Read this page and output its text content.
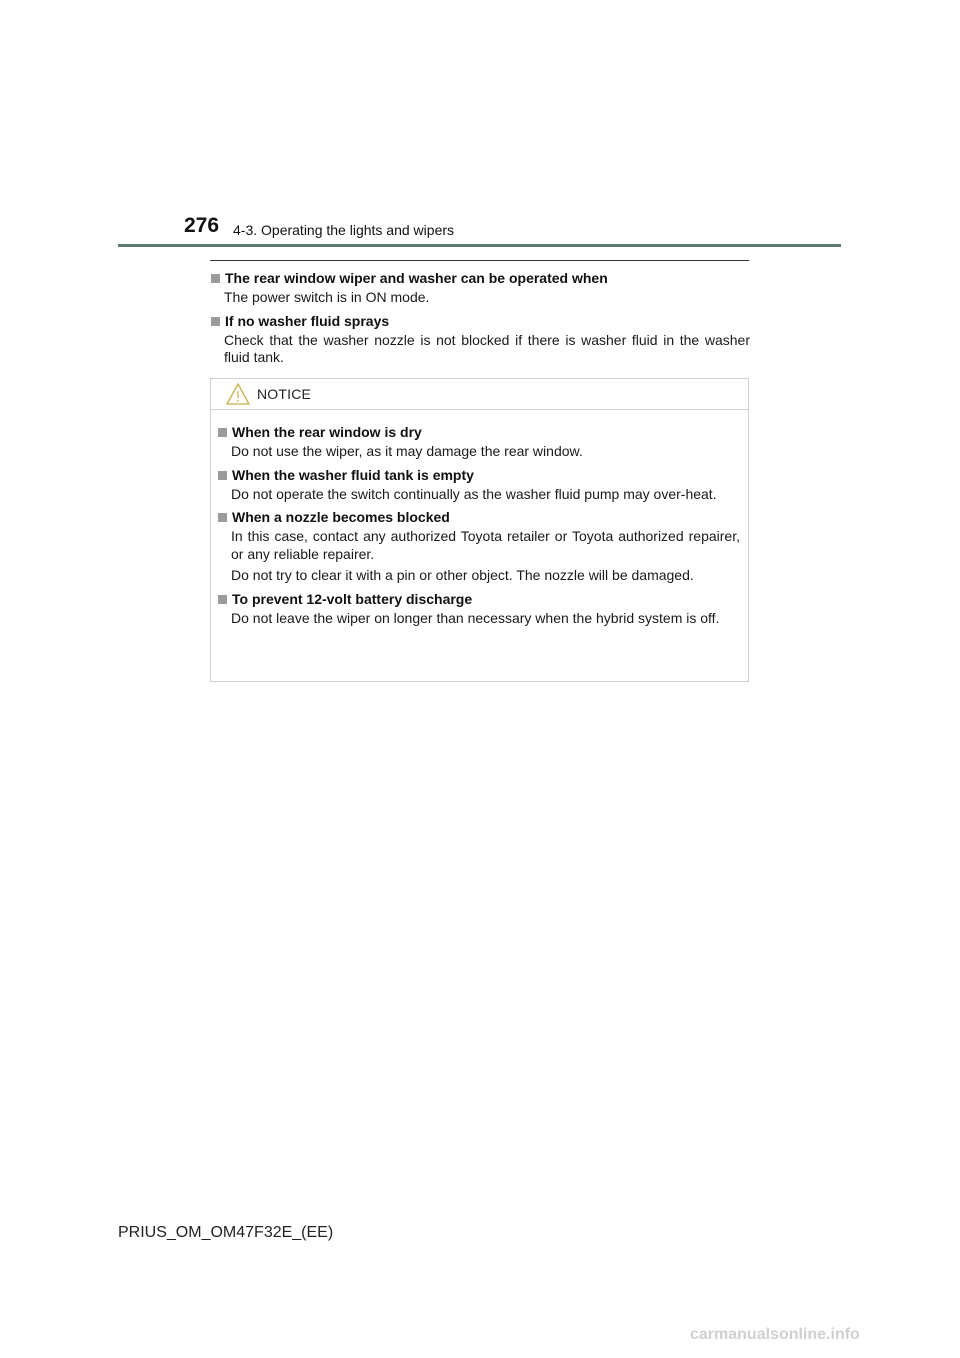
276 4-3. Operating the lights and wipers
The rear window wiper and washer can be operated when

The power switch is in ON mode.

If no washer fluid sprays

Check that the washer nozzle is not blocked if there is washer fluid in the washer fluid tank.

NOTICE
When the rear window is dry

Do not use the wiper, as it may damage the rear window.

When the washer fluid tank is empty

Do not operate the switch continually as the washer fluid pump may over-heat.

When a nozzle becomes blocked

In this case, contact any authorized Toyota retailer or Toyota authorized repairer, or any reliable repairer.

Do not try to clear it with a pin or other object. The nozzle will be damaged.

To prevent 12-volt battery discharge

Do not leave the wiper on longer than necessary when the hybrid system is off.

PRIUS_OM_OM47F32E_(EE)
carmanualsonline.info
